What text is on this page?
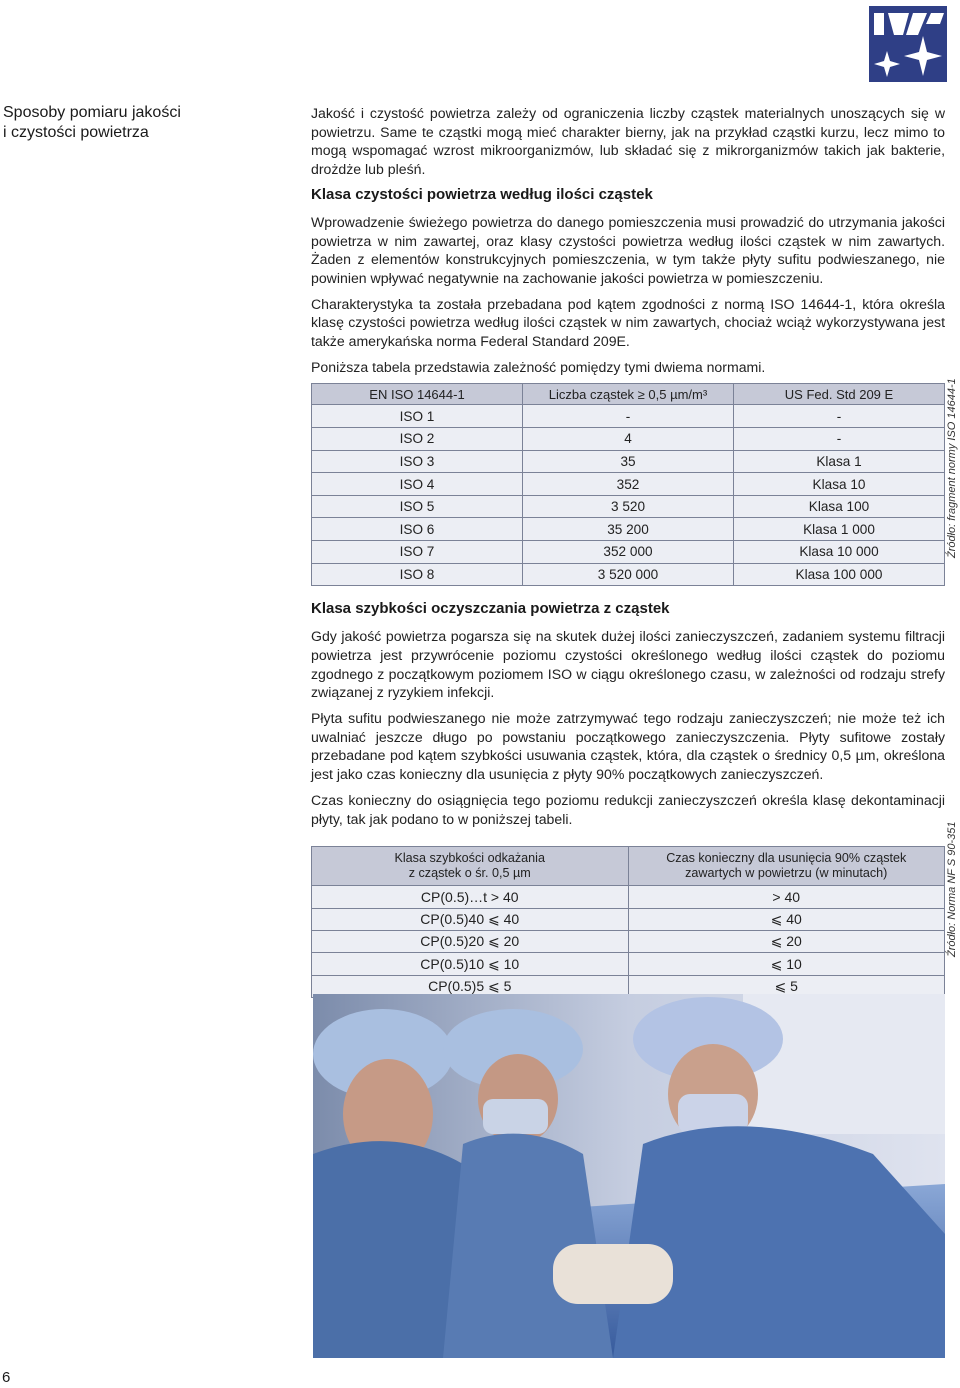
Sposoby pomiaru jakości
i czystości powietrza

Jakość i czystość powietrza zależy od ograniczenia liczby cząstek materialnych unoszących się w powietrzu. Same te cząstki mogą mieć charakter bierny, jak na przykład cząstki kurzu, lecz mimo to mogą wspomagać wzrost mikroorganizmów, lub składać się z mikrorganizmów takich jak bakterie, drożdże lub pleśń.

Klasa czystości powietrza według ilości cząstek

Wprowadzenie świeżego powietrza do danego pomieszczenia musi prowadzić do utrzymania jakości powietrza w nim zawartej, oraz klasy czystości powietrza według ilości cząstek w nim zawartych. Żaden z elementów konstrukcyjnych pomieszczenia, w tym także płyty sufitu podwieszanego, nie powinien wpływać negatywnie na zachowanie jakości powietrza w pomieszczeniu.

Charakterystyka ta została przebadana pod kątem zgodności z normą ISO 14644-1, która określa klasę czystości powietrza według ilości cząstek w nim zawartych, chociaż wciąż wykorzystywana jest także amerykańska norma Federal Standard 209E.

Poniższa tabela przedstawia zależność pomiędzy tymi dwiema normami.

EN ISO 14644-1	Liczba cząstek ≥ 0,5 µm/m³	US Fed. Std 209 E
ISO 1	-	-
ISO 2	4	-
ISO 3	35	Klasa 1
ISO 4	352	Klasa 10
ISO 5	3 520	Klasa 100
ISO 6	35 200	Klasa 1 000
ISO 7	352 000	Klasa 10 000
ISO 8	3 520 000	Klasa 100 000
Klasa szybkości oczyszczania powietrza z cząstek

Gdy jakość powietrza pogarsza się na skutek dużej ilości zanieczyszczeń, zadaniem systemu filtracji powietrza jest przywrócenie poziomu czystości określonego według ilości cząstek do poziomu zgodnego z początkowym poziomem ISO w ciągu określonego czasu, w zależności od rodzaju strefy związanej z ryzykiem infekcji.

Płyta sufitu podwieszanego nie może zatrzymywać tego rodzaju zanieczyszczeń; nie może też ich uwalniać jeszcze długo po powstaniu początkowego zanieczyszczenia. Płyty sufitowe zostały przebadane pod kątem szybkości usuwania cząstek, która, dla cząstek o średnicy 0,5 µm, określona jest jako czas konieczny dla usunięcia z płyty 90% początkowych zanieczyszczeń.

Czas konieczny do osiągnięcia tego poziomu redukcji zanieczyszczeń określa klasę dekontaminacji płyty, tak jak podano to w poniższej tabeli.

Klasa szybkości odkażania
z cząstek o śr. 0,5 µm	Czas konieczny dla usunięcia 90% cząstek
zawartych w powietrzu (w minutach)
CP(0.5)…t > 40	> 40
CP(0.5)40 ⩽ 40	⩽ 40
CP(0.5)20 ⩽ 20	⩽ 20
CP(0.5)10 ⩽ 10	⩽ 10
CP(0.5)5 ⩽ 5	⩽ 5
Źródło: fragment normy ISO 14644-1
Źródło: Norma NF S 90-351
6
